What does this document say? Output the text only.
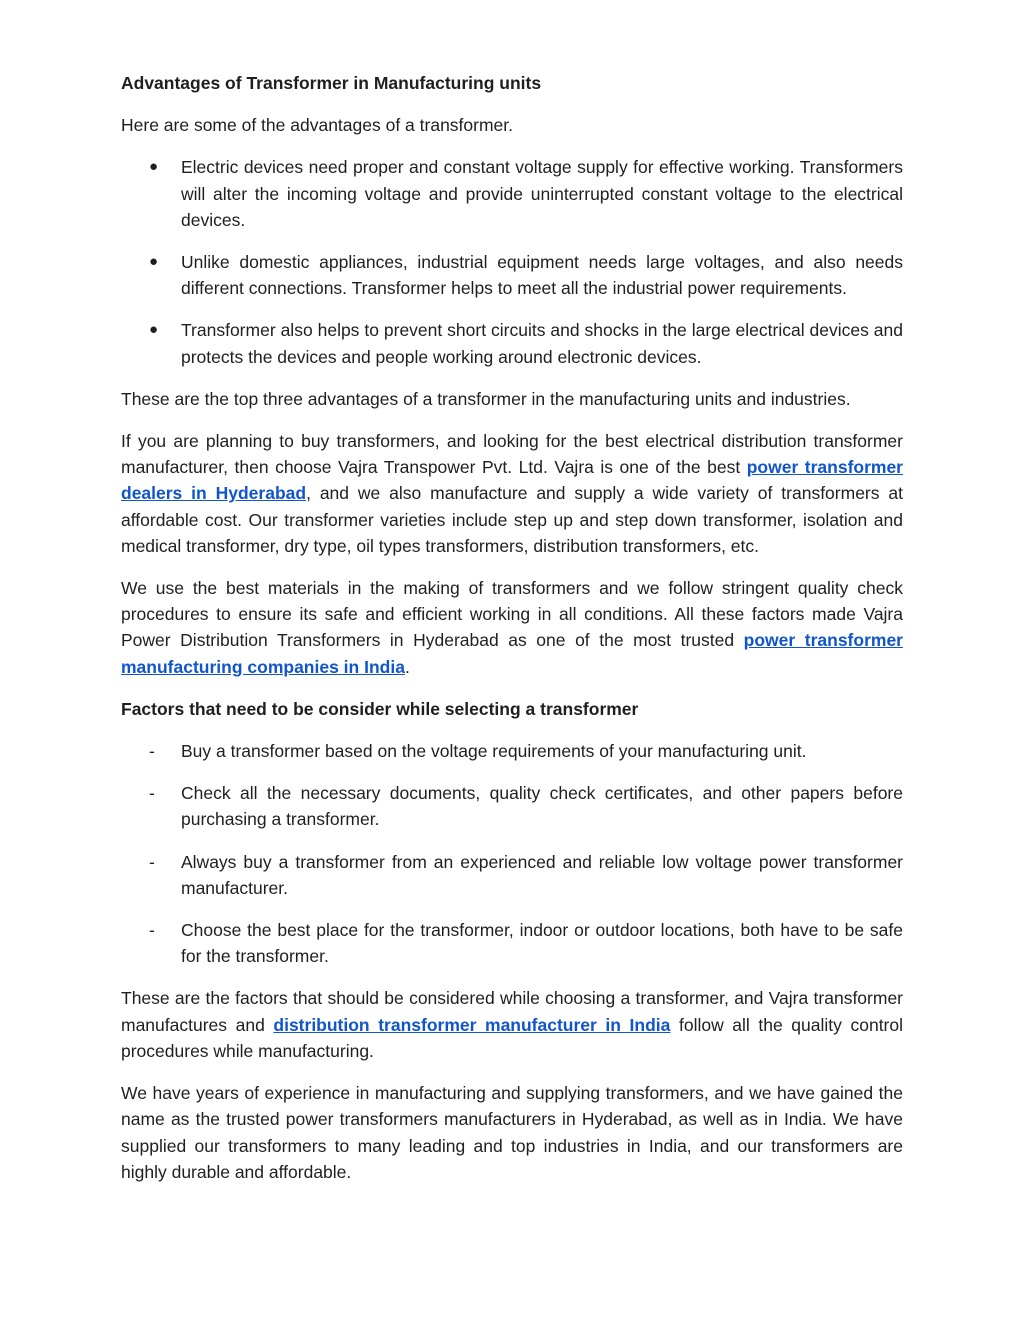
Advantages of Transformer in Manufacturing units

Here are some of the advantages of a transformer.

●	Electric devices need proper and constant voltage supply for effective working. Transformers will alter the incoming voltage and provide uninterrupted constant voltage to the electrical devices.
●	Unlike domestic appliances, industrial equipment needs large voltages, and also needs different connections. Transformer helps to meet all the industrial power requirements.
●	Transformer also helps to prevent short circuits and shocks in the large electrical devices and protects the devices and people working around electronic devices.

These are the top three advantages of a transformer in the manufacturing units and industries.

If you are planning to buy transformers, and looking for the best electrical distribution transformer manufacturer, then choose Vajra Transpower Pvt. Ltd. Vajra is one of the best power transformer dealers in Hyderabad, and we also manufacture and supply a wide variety of transformers at affordable cost. Our transformer varieties include step up and step down transformer, isolation and medical transformer, dry type, oil types transformers, distribution transformers, etc.

We use the best materials in the making of transformers and we follow stringent quality check procedures to ensure its safe and efficient working in all conditions. All these factors made Vajra Power Distribution Transformers in Hyderabad as one of the most trusted power transformer manufacturing companies in India.

Factors that need to be consider while selecting a transformer
-	Buy a transformer based on the voltage requirements of your manufacturing unit.
-	Check all the necessary documents, quality check certificates, and other papers before purchasing a transformer.
-	Always buy a transformer from an experienced and reliable low voltage power transformer manufacturer.
-	Choose the best place for the transformer, indoor or outdoor locations, both have to be safe for the transformer.

These are the factors that should be considered while choosing a transformer, and Vajra transformer manufactures and distribution transformer manufacturer in India follow all the quality control procedures while manufacturing.

We have years of experience in manufacturing and supplying transformers, and we have gained the name as the trusted power transformers manufacturers in Hyderabad, as well as in India. We have supplied our transformers to many leading and top industries in India, and our transformers are highly durable and affordable.
